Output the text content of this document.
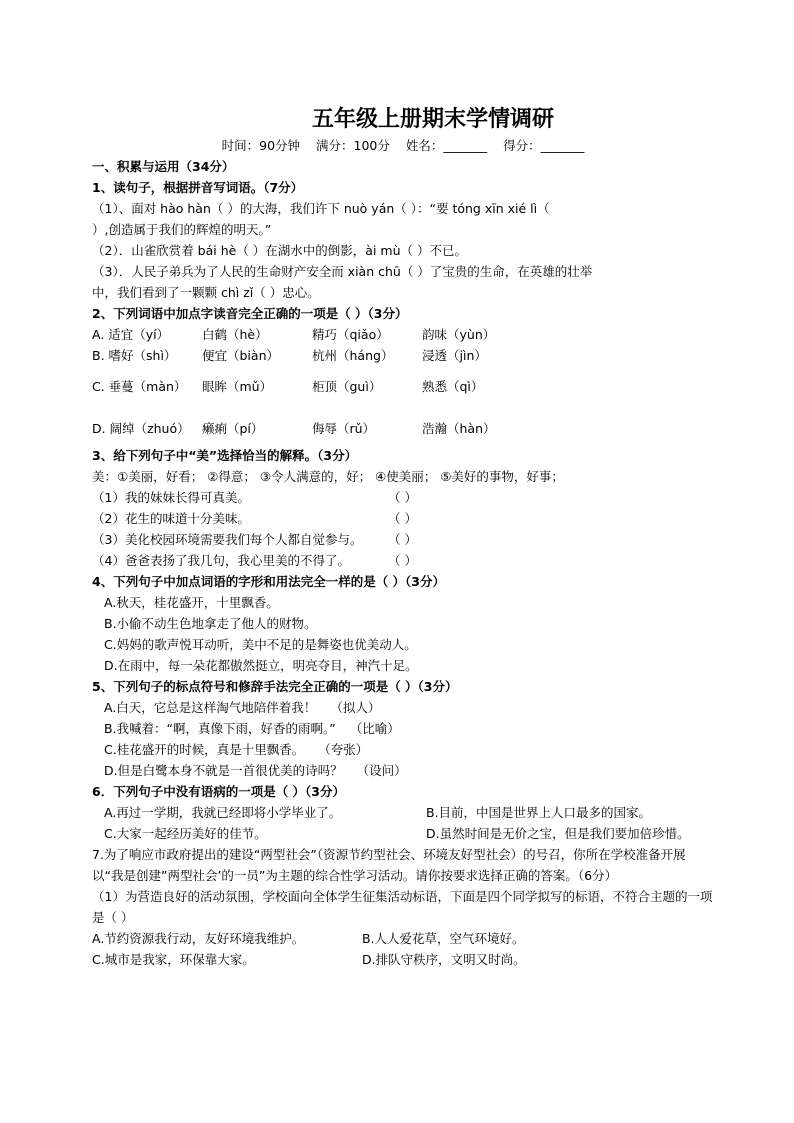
五年级上册期末学情调研
时间：90分钟 满分：100分 姓名：_______ 得分：_______
一、积累与运用（34分）
1、读句子，根据拼音写词语。（7分）
（1）、面对 hào hàn（ ）的大海，我们许下 nuò yán（ ）：“要 tóng xīn xié lì（
）,创造属于我们的辉煌的明天。”
（2）．山雀欣赏着 bái hè（ ）在湖水中的倒影，ài mù（ ）不已。
（3）．人民子弟兵为了人民的生命财产安全而 xiàn chū（ ）了宝贵的生命，在英雄的壮举
中，我们看到了一颗颗 chì zǐ（ ）忠心。
2、下列词语中加点字读音完全正确的一项是（ ）（3分）
A. 适宜（yí）	白鹤（hè）	精巧（qiǎo）	韵味（yùn）
B. 嗜好（shì）	便宜（biàn）	杭州（háng）	浸透（jìn）
C. 垂蔓（màn）	眼眸（mǔ）	柜顶（guì）	熟悉（qì）
D. 阔绰（zhuó） 癞痢（pí）	侮辱（rǔ）	浩瀚（hàn）
3、给下列句子中“美”选择恰当的解释。（3分）
美：①美丽，好看； ②得意； ③令人满意的，好； ④使美丽； ⑤美好的事物，好事；
（1）我的妹妹长得可真美。	（ ）
（2）花生的味道十分美味。	（ ）
（3）美化校园环境需要我们每个人都自觉参与。	（ ）
（4）爸爸表扬了我几句，我心里美的不得了。	（ ）
4、下列句子中加点词语的字形和用法完全一样的是（ ）（3分）
A.秋天，桂花盛开，十里飘香。
B.小偷不动生色地拿走了他人的财物。
C.妈妈的歌声悦耳动听，美中不足的是舞姿也优美动人。
D.在雨中，每一朵花都傲然挺立，明亮夺目，神汽十足。
5、下列句子的标点符号和修辞手法完全正确的一项是（ ）（3分）
A.白天，它总是这样淘气地陪伴着我！ （拟人）
B.我喊着：“啊，真像下雨，好香的雨啊。” （比喻）
C.桂花盛开的时候，真是十里飘香。 （夸张）
D.但是白鹭本身不就是一首很优美的诗吗？ （设问）
6．下列句子中没有语病的一项是（ ）（3分）
A.再过一学期，我就已经即将小学毕业了。	B.目前，中国是世界上人口最多的国家。
C.大家一起经历美好的佳节。	D.虽然时间是无价之宝，但是我们要加倍珍惜。
7.为了响应市政府提出的建设“两型社会”（资源节约型社会、环境友好型社会）的号召，你所在学校准备开展以“我是创建”两型社会’的一员”为主题的综合性学习活动。请你按要求选择正确的答案。（6分）
（1）为营造良好的活动氛围，学校面向全体学生征集活动标语，下面是四个同学拟写的标语，不符合主题的一项是（ ）
A.节约资源我行动，友好环境我维护。	B.人人爱花草，空气环境好。
C.城市是我家，环保靠大家。	D.排队守秩序，文明又时尚。
